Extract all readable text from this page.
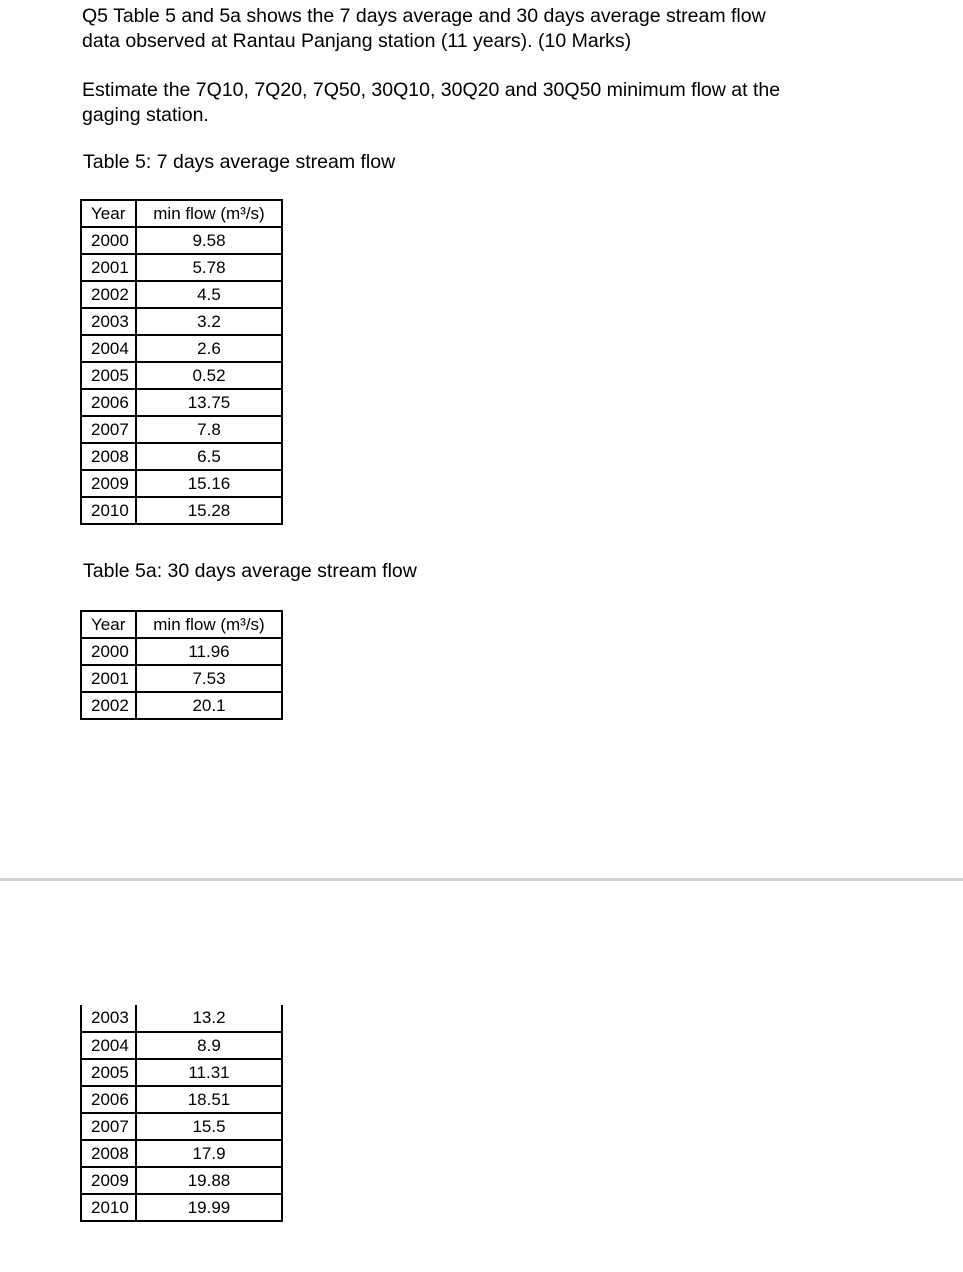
Q5 Table 5 and 5a shows the 7 days average and 30 days average stream flow
data observed at Rantau Panjang station (11 years). (10 Marks)

Estimate the 7Q10, 7Q20, 7Q50, 30Q10, 30Q20 and 30Q50 minimum flow at the
gaging station.

Table 5: 7 days average stream flow

Year	min flow (m³/s)
2000	9.58
2001	5.78
2002	4.5
2003	3.2
2004	2.6
2005	0.52
2006	13.75
2007	7.8
2008	6.5
2009	15.16
2010	15.28

Table 5a: 30 days average stream flow

Year	min flow (m³/s)
2000	11.96
2001	7.53
2002	20.1
2003	13.2
2004	8.9
2005	11.31
2006	18.51
2007	15.5
2008	17.9
2009	19.88
2010	19.99
